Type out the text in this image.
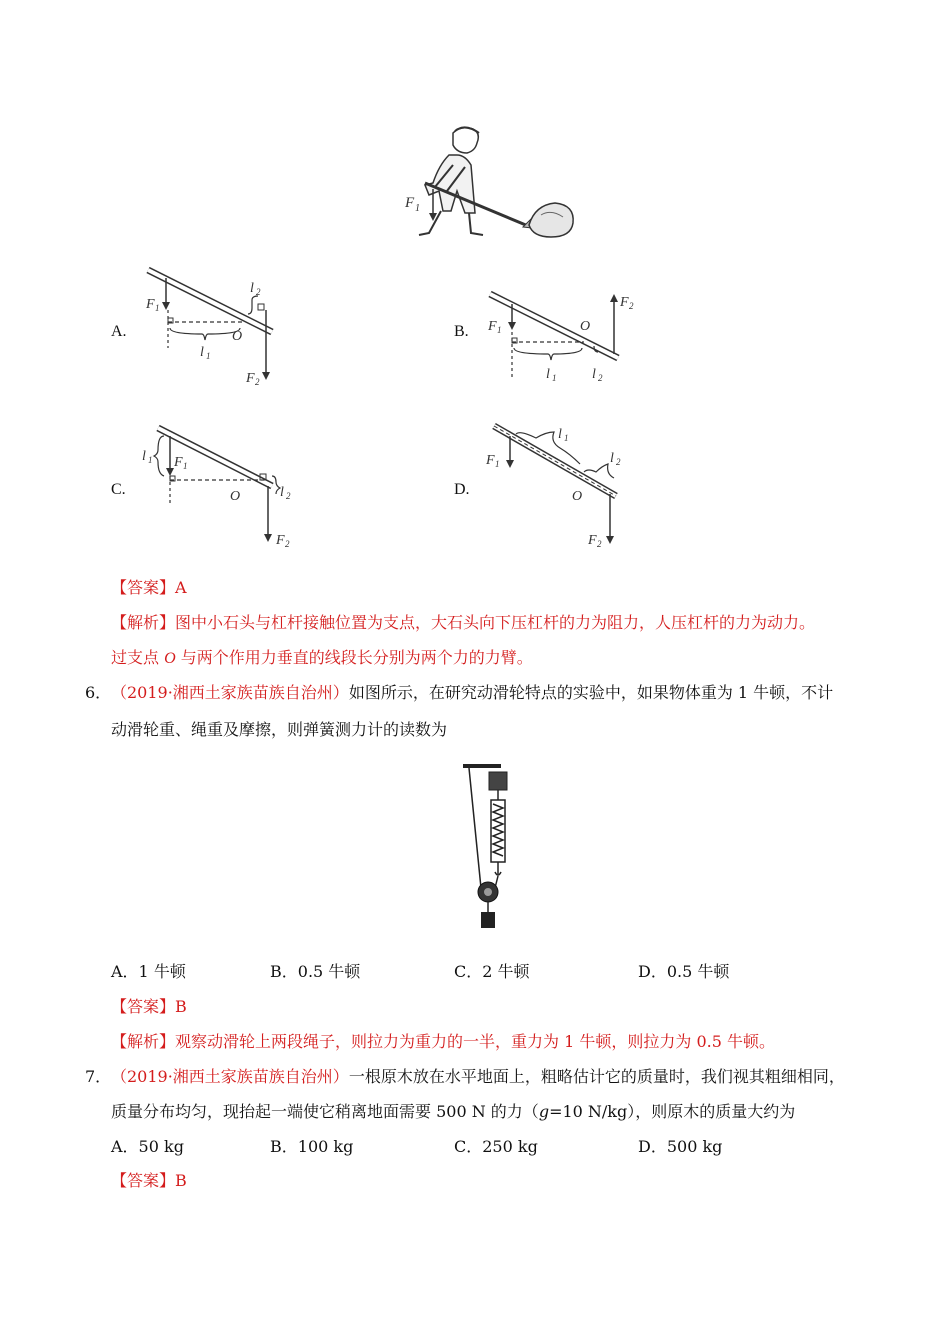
F 1
A.
F 1
l 1
O
l 2
F 2
B. F 1
l 1
O
F 2
l 2
C.
F 1
l 1
O	l 2
F 2
D.
F 1
l 1
l 2
O
F 2
【答案】A
【解析】图中小石头与杠杆接触位置为支点，大石头向下压杠杆的力为阻力，人压杠杆的力为动力。
过支点 O 与两个作用力垂直的线段长分别为两个力的力臂。
6． （2019·湘西土家族苗族自治州）如图所示，在研究动滑轮特点的实验中，如果物体重为 1 牛顿，不计
动滑轮重、绳重及摩擦，则弹簧测力计的读数为
A．1 牛顿	B．0.5 牛顿	C．2 牛顿	D．0.5 牛顿
【答案】B
【解析】观察动滑轮上两段绳子，则拉力为重力的一半，重力为 1 牛顿，则拉力为 0.5 牛顿。
7． （2019·湘西土家族苗族自治州）一根原木放在水平地面上，粗略估计它的质量时，我们视其粗细相同，
质量分布均匀，现抬起一端使它稍离地面需要 500 N 的力（g=10 N/kg），则原木的质量大约为
A．50 kg	B．100 kg	C．250 kg	D．500 kg
【答案】B
